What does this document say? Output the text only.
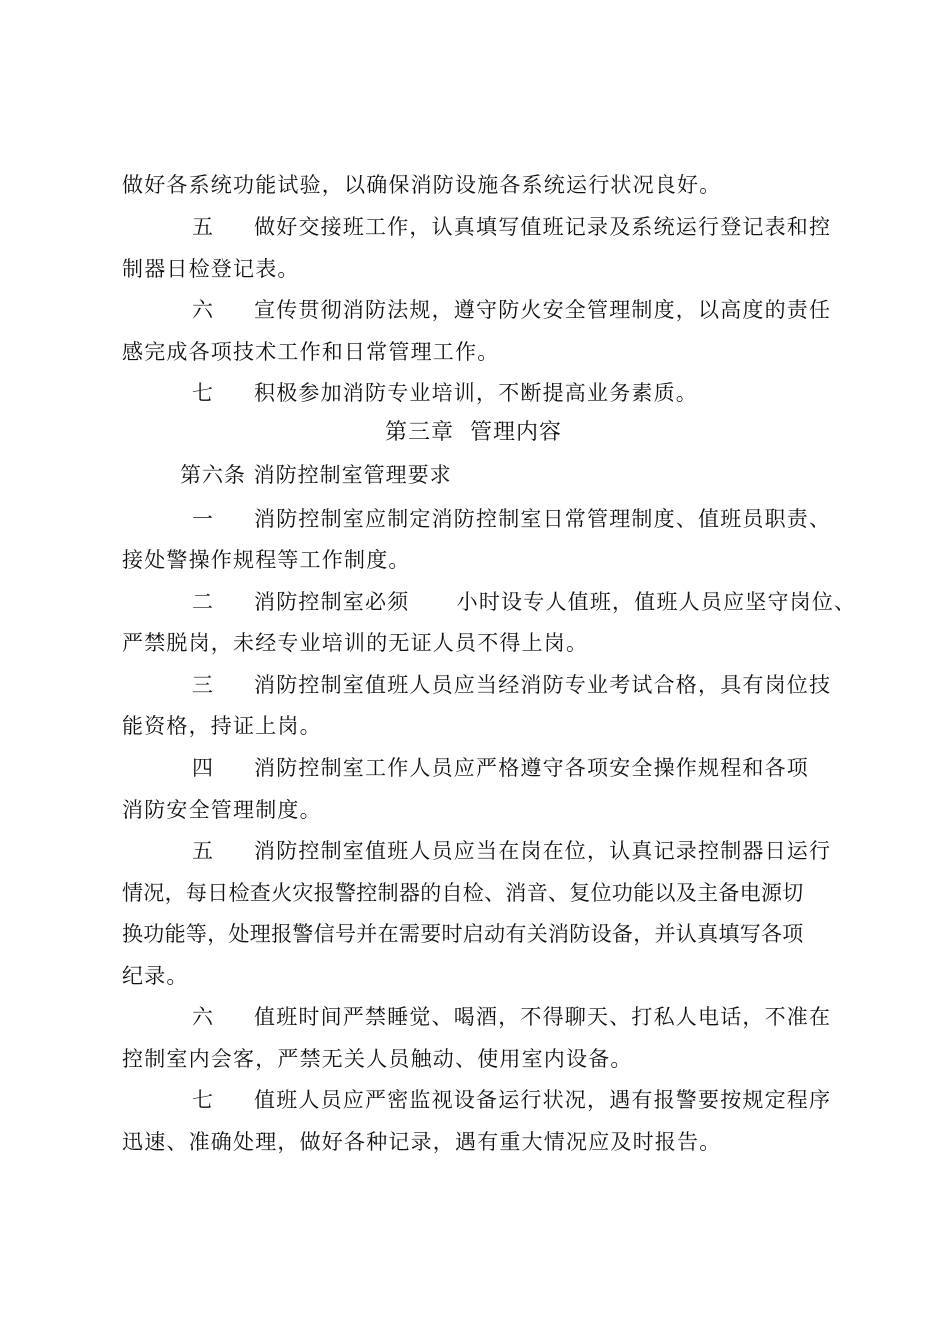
做好各系统功能试验，以确保消防设施各系统运行状况良好。
五 做好交接班工作，认真填写值班记录及系统运行登记表和控
制器日检登记表。
六 宣传贯彻消防法规，遵守防火安全管理制度，以高度的责任
感完成各项技术工作和日常管理工作。
七 积极参加消防专业培训，不断提高业务素质。
第三章  管理内容
第六条 消防控制室管理要求
一 消防控制室应制定消防控制室日常管理制度、值班员职责、
接处警操作规程等工作制度。
二 消防控制室必须      小时设专人值班，值班人员应坚守岗位、
严禁脱岗，未经专业培训的无证人员不得上岗。
三 消防控制室值班人员应当经消防专业考试合格，具有岗位技
能资格，持证上岗。
四 消防控制室工作人员应严格遵守各项安全操作规程和各项
消防安全管理制度。
五 消防控制室值班人员应当在岗在位，认真记录控制器日运行
情况，每日检查火灾报警控制器的自检、消音、复位功能以及主备电源切
换功能等，处理报警信号并在需要时启动有关消防设备，并认真填写各项
纪录。
六 值班时间严禁睡觉、喝酒，不得聊天、打私人电话，不准在
控制室内会客，严禁无关人员触动、使用室内设备。
七 值班人员应严密监视设备运行状况，遇有报警要按规定程序
迅速、准确处理，做好各种记录，遇有重大情况应及时报告。
